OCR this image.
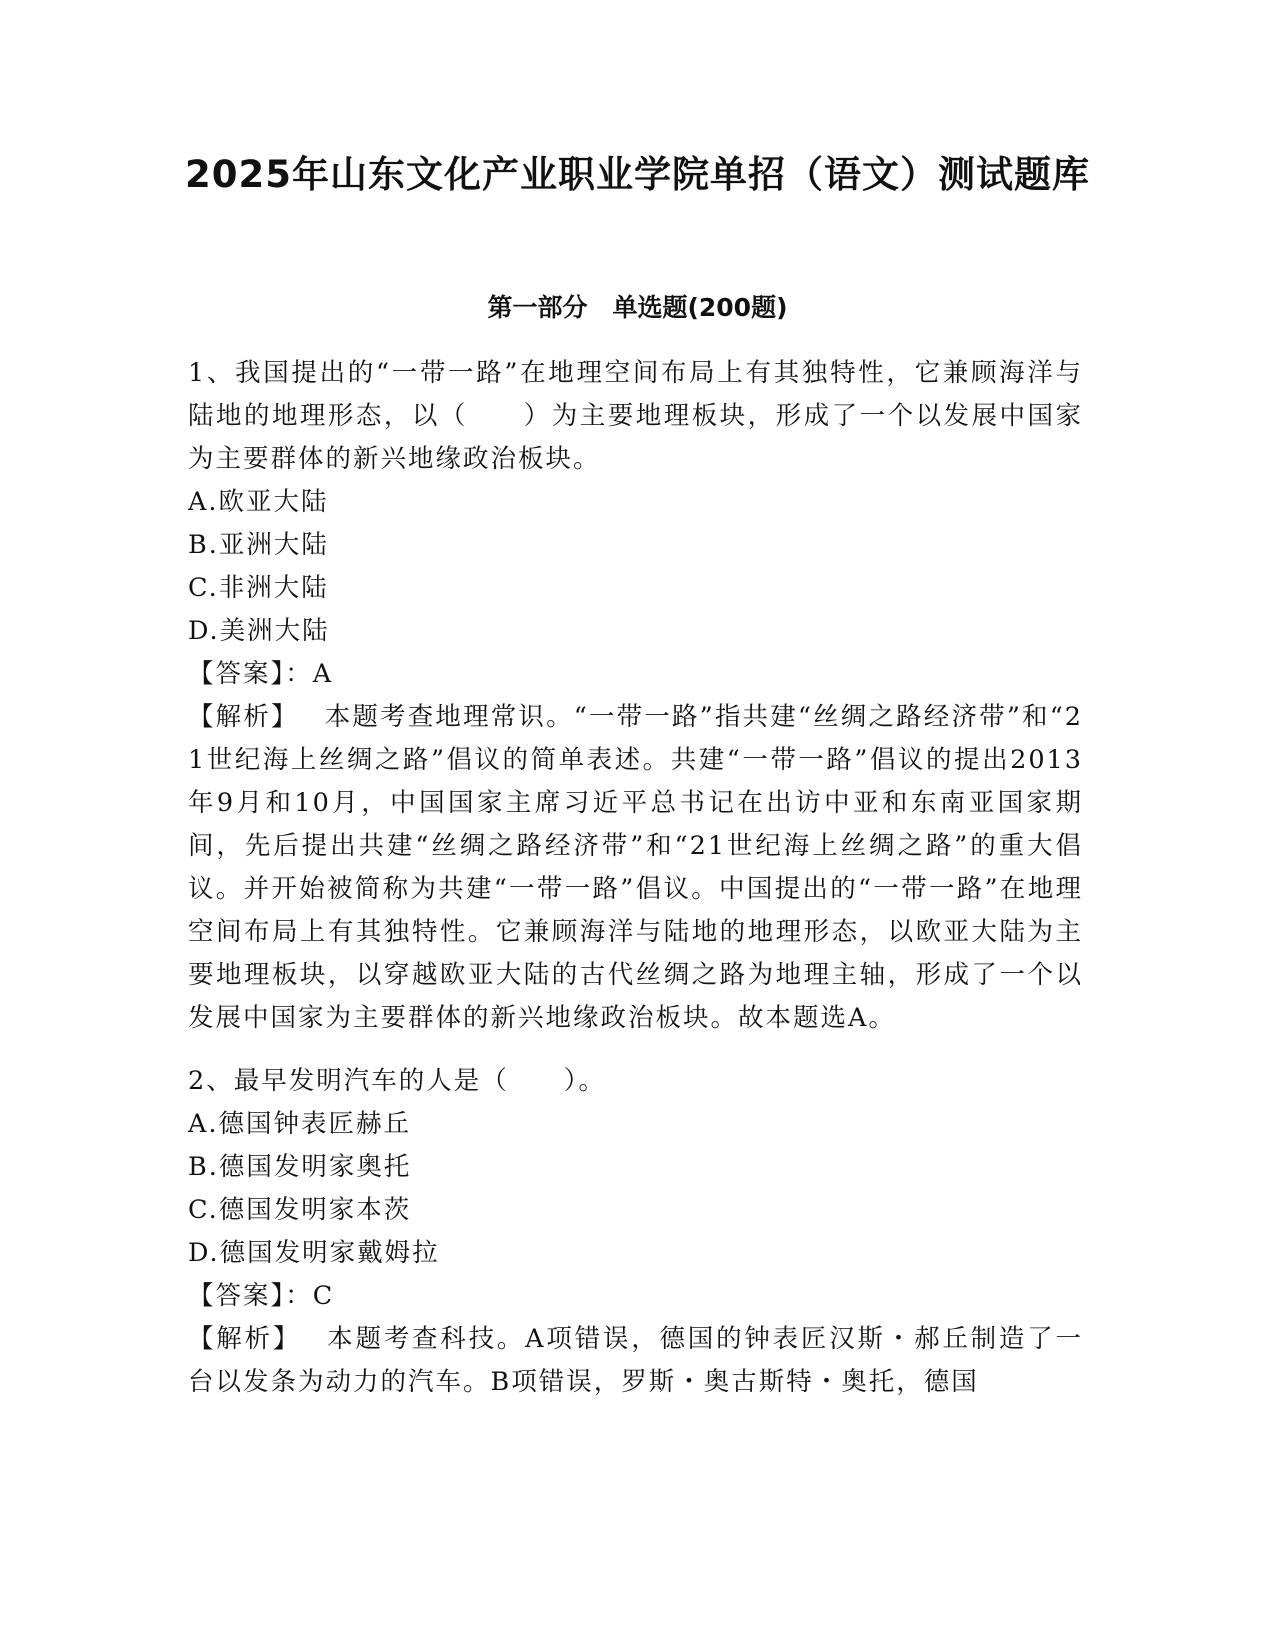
2025年山东文化产业职业学院单招（语文）测试题库
第一部分　单选题(200题)

1、我国提出的“一带一路”在地理空间布局上有其独特性，它兼顾海洋与陆地的地理形态，以（　　）为主要地理板块，形成了一个以发展中国家为主要群体的新兴地缘政治板块。

A.欧亚大陆

B.亚洲大陆

C.非洲大陆

D.美洲大陆

【答案】：A

【解析】 本题考查地理常识。“一带一路”指共建“丝绸之路经济带”和“21世纪海上丝绸之路”倡议的简单表述。共建“一带一路”倡议的提出2013年9月和10月，中国国家主席习近平总书记在出访中亚和东南亚国家期间，先后提出共建“丝绸之路经济带”和“21世纪海上丝绸之路”的重大倡议。并开始被简称为共建“一带一路”倡议。中国提出的“一带一路”在地理空间布局上有其独特性。它兼顾海洋与陆地的地理形态，以欧亚大陆为主要地理板块，以穿越欧亚大陆的古代丝绸之路为地理主轴，形成了一个以发展中国家为主要群体的新兴地缘政治板块。故本题选A。

2、最早发明汽车的人是（　　）。

A.德国钟表匠赫丘

B.德国发明家奥托

C.德国发明家本茨

D.德国发明家戴姆拉

【答案】：C

【解析】 本题考查科技。A项错误，德国的钟表匠汉斯・郝丘制造了一台以发条为动力的汽车。B项错误，罗斯・奥古斯特・奥托，德国
